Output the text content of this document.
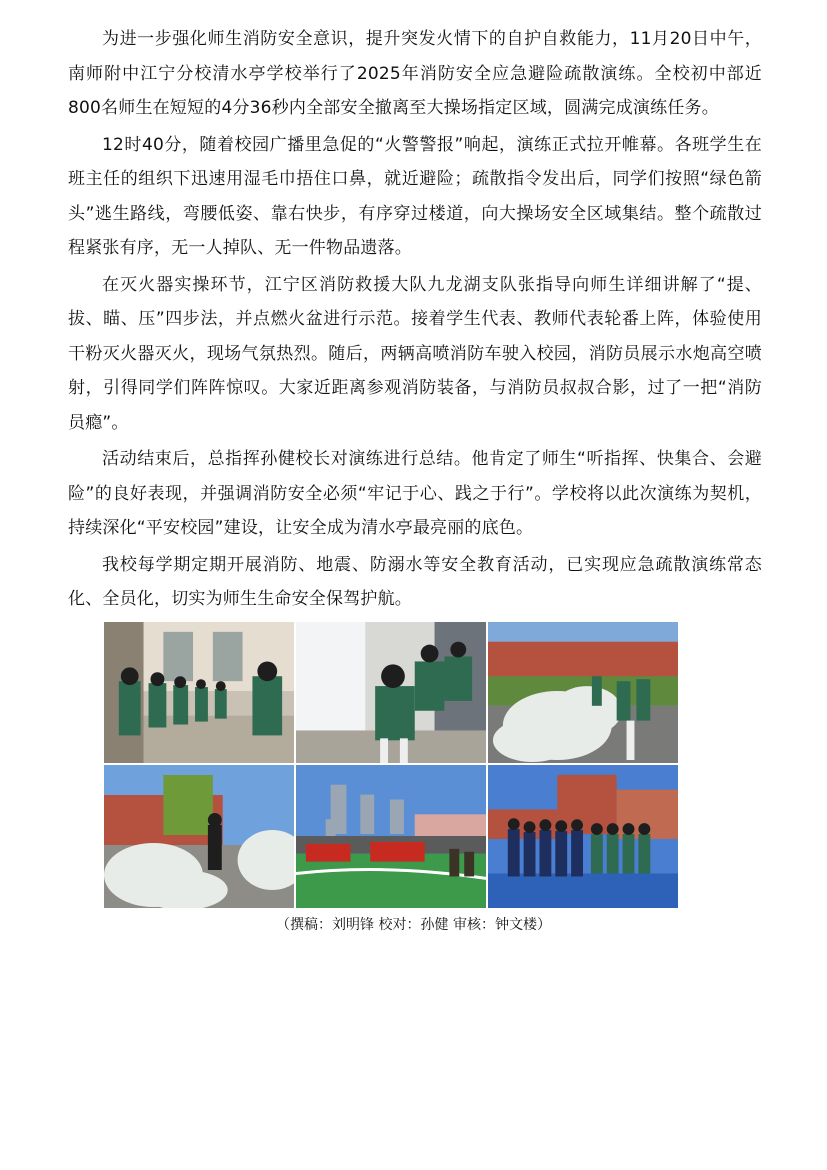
为进一步强化师生消防安全意识，提升突发火情下的自护自救能力，11月20日中午，南师附中江宁分校清水亭学校举行了2025年消防安全应急避险疏散演练。全校初中部近800名师生在短短的4分36秒内全部安全撤离至大操场指定区域，圆满完成演练任务。

12时40分，随着校园广播里急促的“火警警报”响起，演练正式拉开帷幕。各班学生在班主任的组织下迅速用湿毛巾捂住口鼻，就近避险；疏散指令发出后，同学们按照“绿色箭头”逃生路线，弯腰低姿、靠右快步，有序穿过楼道，向大操场安全区域集结。整个疏散过程紧张有序，无一人掉队、无一件物品遗落。

在灭火器实操环节，江宁区消防救援大队九龙湖支队张指导向师生详细讲解了“提、拔、瞄、压”四步法，并点燃火盆进行示范。接着学生代表、教师代表轮番上阵，体验使用干粉灭火器灭火，现场气氛热烈。随后，两辆高喷消防车驶入校园，消防员展示水炮高空喷射，引得同学们阵阵惊叹。大家近距离参观消防装备，与消防员叔叔合影，过了一把“消防员瘾”。

活动结束后，总指挥孙健校长对演练进行总结。他肯定了师生“听指挥、快集合、会避险”的良好表现，并强调消防安全必须“牢记于心、践之于行”。学校将以此次演练为契机，持续深化“平安校园”建设，让安全成为清水亭最亮丽的底色。

我校每学期定期开展消防、地震、防溺水等安全教育活动，已实现应急疏散演练常态化、全员化，切实为师生生命安全保驾护航。

（撰稿：刘明锋 校对：孙健 审核：钟文楼）
